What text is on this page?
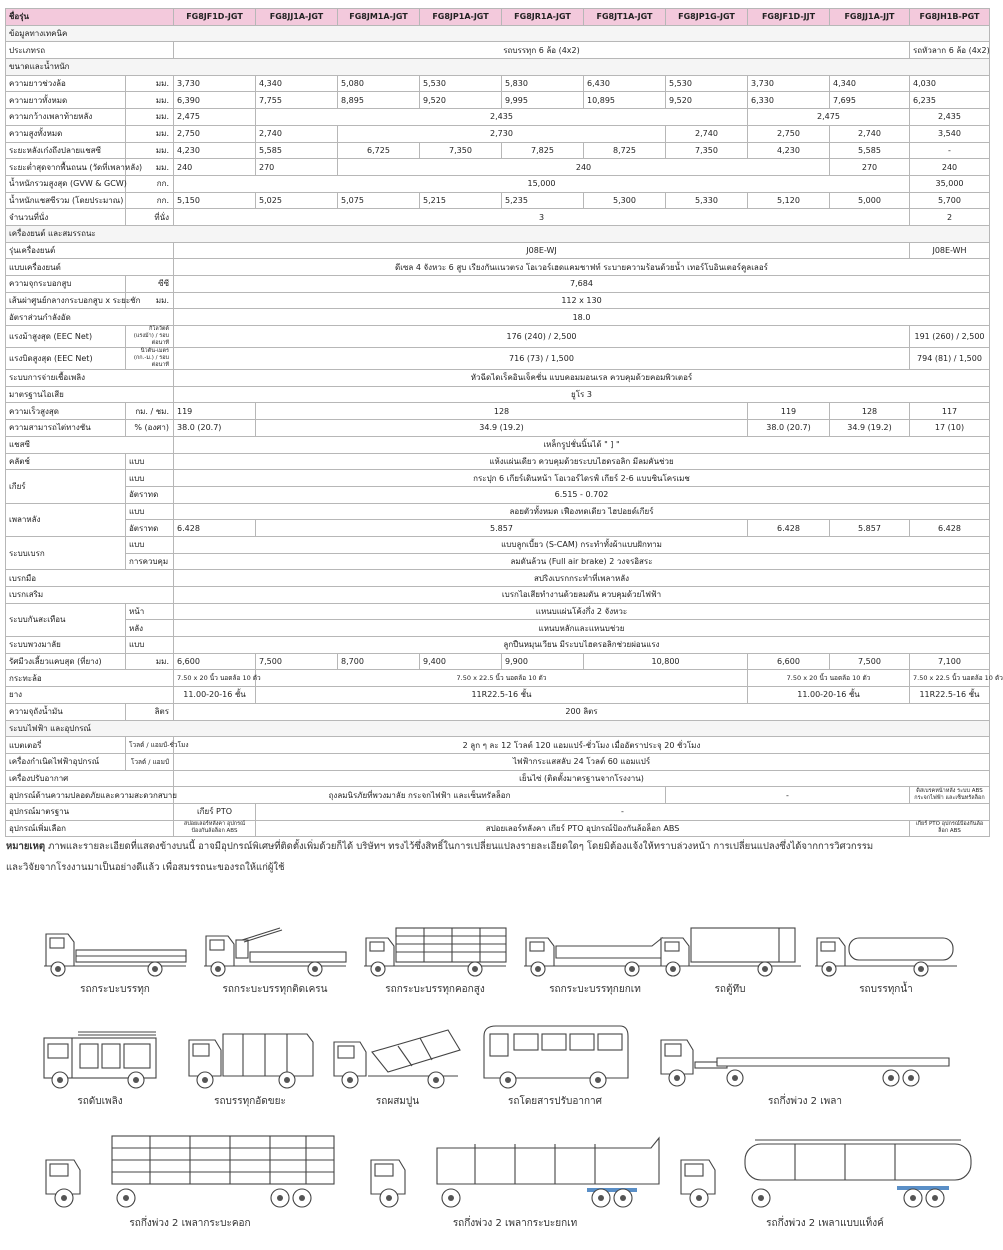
ชื่อรุ่น		FG8JF1D-JGT	FG8JJ1A-JGT	FG8JM1A-JGT	FG8JP1A-JGT	FG8JR1A-JGT	FG8JT1A-JGT	FG8JP1G-JGT	FG8JF1D-JJT	FG8JJ1A-JJT	FG8JH1B-PGT
ข้อมูลทางเทคนิค											
ประเภทรถ		รถบรรทุก 6 ล้อ (4x2)									รถหัวลาก 6 ล้อ (4x2)
ขนาดและน้ำหนัก											
ความยาวช่วงล้อ	มม.	3,730	4,340	5,080	5,530	5,830	6,430	5,530	3,730	4,340	4,030
ความยาวทั้งหมด	มม.	6,390	7,755	8,895	9,520	9,995	10,895	9,520	6,330	7,695	6,235
ความกว้างเพลาท้ายหลัง	มม.	2,475	2,435						2,475		2,435
ความสูงทั้งหมด	มม.	2,750	2,740	2,730				2,740	2,750	2,740	3,540
ระยะหลังเก๋งถึงปลายแชสซี	มม.	4,230	5,585	6,725	7,350	7,825	8,725	7,350	4,230	5,585	-
ระยะต่ำสุดจากพื้นถนน (วัดที่เพลาหลัง)	มม.	240	270	240						270	240
น้ำหนักรวมสูงสุด (GVW & GCW)	กก.	15,000									35,000
น้ำหนักแชสซีรวม (โดยประมาณ)	กก.	5,150	5,025	5,075	5,215	5,235	5,300	5,330	5,120	5,000	5,700
จำนวนที่นั่ง	ที่นั่ง	3									2
เครื่องยนต์ และสมรรถนะ											
รุ่นเครื่องยนต์		J08E-WJ									J08E-WH
แบบเครื่องยนต์		ดีเซล 4 จังหวะ 6 สูบ เรียงกันแนวตรง โอเวอร์เฮดแคมชาฟท์ ระบายความร้อนด้วยน้ำ เทอร์โบอินเตอร์คูลเลอร์									
ความจุกระบอกสูบ	ซีซี	7,684									
เส้นผ่าศูนย์กลางกระบอกสูบ x ระยะชัก	มม.	112 x 130									
อัตราส่วนกำลังอัด		18.0									
แรงม้าสูงสุด (EEC Net)	กิโลวัตต์ (แรงม้า) / รอบต่อนาที	176 (240) / 2,500									191 (260) / 2,500
แรงบิดสูงสุด (EEC Net)	นิวตัน-เมตร (กก.-ม.) / รอบต่อนาที	716 (73) / 1,500									794 (81) / 1,500
ระบบการจ่ายเชื้อเพลิง		หัวฉีดไดเร็คอินเจ็คชั่น แบบคอมมอนเรล ควบคุมด้วยคอมพิวเตอร์									
มาตรฐานไอเสีย		ยูโร 3									
ความเร็วสูงสุด	กม. / ชม.	119	128						119	128	117
ความสามารถไต่ทางชัน	% (องศา)	38.0 (20.7)	34.9 (19.2)						38.0 (20.7)	34.9 (19.2)	17 (10)
แชสซี		เหล็กรูปชั่นนิ้นได้ " ] "									
คลัตช์	แบบ	แห้งแผ่นเดียว ควบคุมด้วยระบบไฮดรอลิก มีลมคันช่วย									
เกียร์	แบบ	กระปุก 6 เกียร์เดินหน้า โอเวอร์ไดรฟ์ เกียร์ 2-6 แบบซินโครเมช									
	อัตราทด	6.515 - 0.702									
เพลาหลัง	แบบ	ลอยตัวทั้งหมด เฟืองทดเดียว ไฮปอยด์เกียร์									
	อัตราทด	6.428	5.857						6.428	5.857	6.428
ระบบเบรก	แบบ	แบบลูกเบี้ยว (S-CAM) กระทำทั้งผ้าแบบฝักทาม									
	การควบคุม	ลมดันล้วน (Full air brake) 2 วงจรอิสระ									
เบรกมือ		สปริงเบรกกระทำที่เพลาหลัง									
เบรกเสริม		เบรกไอเสียทำงานด้วยลมดัน ควบคุมด้วยไฟฟ้า									
ระบบกันสะเทือน	หน้า	แหนบแผ่นโค้งกึ่ง 2 จังหวะ									
	หลัง	แหนบหลักและแหนบช่วย									
ระบบพวงมาลัย	แบบ	ลูกปืนหมุนเวียน มีระบบไฮดรอลิกช่วยผ่อนแรง									
รัศมีวงเลี้ยวแคบสุด (ที่ยาง)	มม.	6,600	7,500	8,700	9,400	9,900	10,800		6,600	7,500	7,100
กระทะล้อ		7.50 x 20 นิ้ว นอตล้อ 10 ตัว	7.50 x 22.5 นิ้ว นอตล้อ 10 ตัว						7.50 x 20 นิ้ว นอตล้อ 10 ตัว		7.50 x 22.5 นิ้ว นอตล้อ 10 ตัว
ยาง		11.00-20-16 ชั้น	11R22.5-16 ชั้น						11.00-20-16 ชั้น		11R22.5-16 ชั้น
ความจุถังน้ำมัน	ลิตร	200 ลิตร									
ระบบไฟฟ้า และอุปกรณ์											
แบตเตอรี่	โวลต์ / แอมป์-ชั่วโมง	2 ลูก ๆ ละ 12 โวลต์ 120 แอมแปร์-ชั่วโมง เมื่ออัตราประจุ 20 ชั่วโมง									
เครื่องกำเนิดไฟฟ้าอุปกรณ์	โวลต์ / แอมป์	ไฟฟ้ากระแสสลับ 24 โวลต์ 60 แอมแปร์									
เครื่องปรับอากาศ		เย็นไซ่ (ติดตั้งมาตรฐานจากโรงงาน)									
อุปกรณ์ด้านความปลอดภัยและความสะดวกสบาย		ถุงลมนิรภัยที่พวงมาลัย กระจกไฟฟ้า และเซ็นทรัลล็อก						-			ดิสเบรคหน้าหลัง ระบบ ABS กระจกไฟฟ้า และเซ็นทรัลล็อก
อุปกรณ์มาตรฐาน		เกียร์ PTO	-								
อุปกรณ์เพิ่มเลือก		สปอยเลอร์หลังคา อุปกรณ์ป้องกันล้อล็อก ABS	สปอยเลอร์หลังคา เกียร์ PTO อุปกรณ์ป้องกันล้อล็อก ABS								เกียร์ PTO อุปกรณ์ป้องกันล้อล็อก ABS
หมายเหตุ ภาพและรายละเอียดที่แสดงข้างบนนี้ อาจมีอุปกรณ์พิเศษที่ติดตั้งเพิ่มด้วยก็ได้ บริษัทฯ ทรงไว้ซึ่งสิทธิ์ในการเปลี่ยนแปลงรายละเอียดใดๆ โดยมิต้องแจ้งให้ทราบล่วงหน้า การเปลี่ยนแปลงซึ่งได้จากการวิศวกรรม
และวิจัยจากโรงงานมาเป็นอย่างดีแล้ว เพื่อสมรรถนะของรถให้แก่ผู้ใช้
รถกระบะบรรทุก	รถกระบะบรรทุกติดเครน	รถกระบะบรรทุกคอกสูง	รถกระบะบรรทุกยกเท	รถตู้ทึบ	รถบรรทุกน้ำ
รถดับเพลิง	รถบรรทุกอัดขยะ	รถผสมปูน	รถโดยสารปรับอากาศ	รถกึ่งพ่วง 2 เพลา
รถกึ่งพ่วง 2 เพลากระบะคอก	รถกึ่งพ่วง 2 เพลากระบะยกเท	รถกึ่งพ่วง 2 เพลาแบบแท็งค์
